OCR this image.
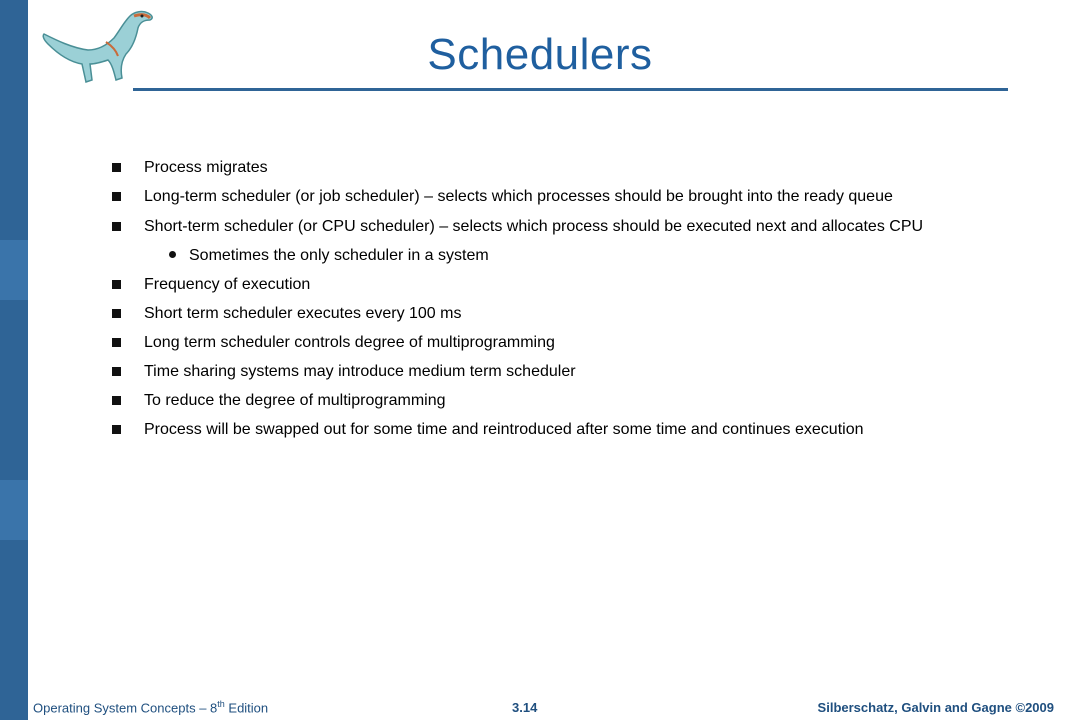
Schedulers
Process migrates
Long-term scheduler (or job scheduler) – selects which processes should be brought into the ready queue
Short-term scheduler (or CPU scheduler) – selects which process should be executed next and allocates CPU
Sometimes the only scheduler in a system
Frequency of execution
Short term scheduler executes every 100 ms
Long term scheduler controls degree of multiprogramming
Time sharing systems may introduce medium term scheduler
To reduce the degree of multiprogramming
Process will be swapped out for some time and reintroduced after some time and continues execution
Operating System Concepts – 8th Edition	3.14	Silberschatz, Galvin and Gagne ©2009
